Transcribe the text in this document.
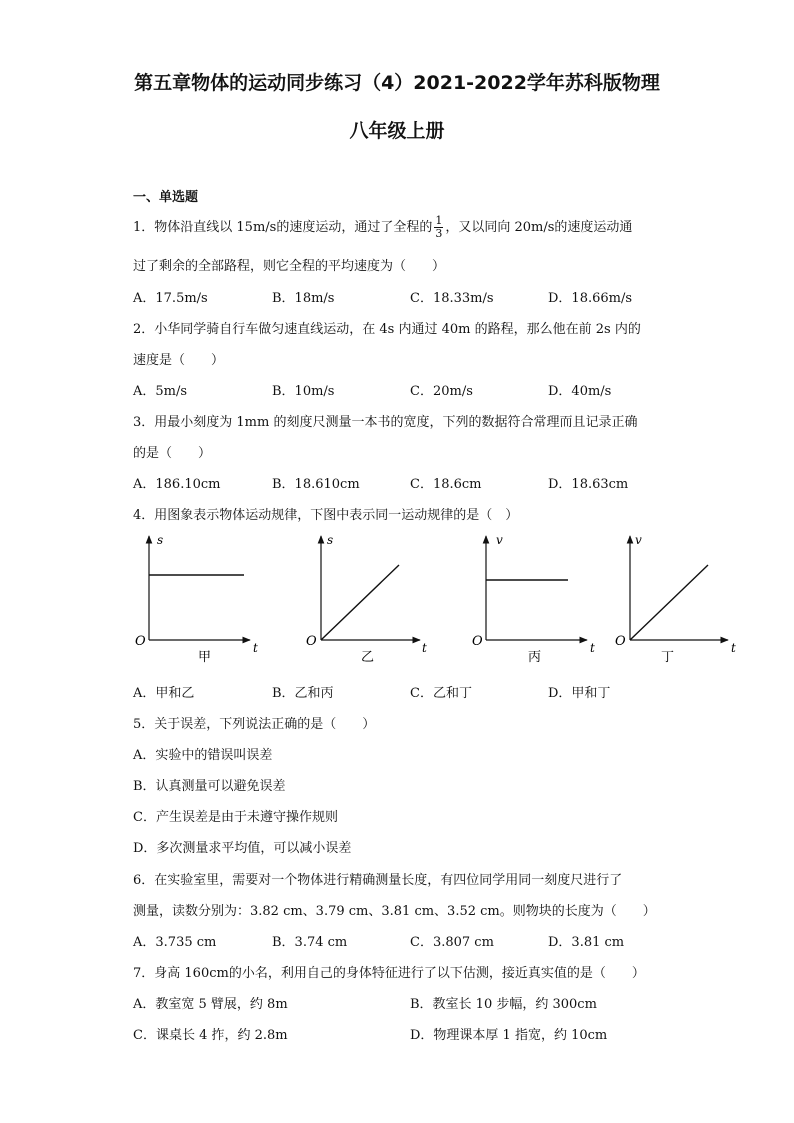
第五章物体的运动同步练习（4）2021-2022学年苏科版物理
八年级上册
一、单选题
1．物体沿直线以 15m/s的速度运动，通过了全程的 $\frac{1}{3}$ ，又以同向 20m/s的速度运动通
过了剩余的全部路程，则它全程的平均速度为（　　）
A．17.5m/s	B．18m/s	C．18.33m/s	D．18.66m/s
2．小华同学骑自行车做匀速直线运动，在 4s 内通过 40m 的路程，那么他在前 2s 内的
速度是（　　）
A．5m/s	B．10m/s	C．20m/s	D．40m/s
3．用最小刻度为 1mm 的刻度尺测量一本书的宽度，下列的数据符合常理而且记录正确
的是（　　）
A．186.10cm	B．18.610cm	C．18.6cm	D．18.63cm
4．用图象表示物体运动规律，下图中表示同一运动规律的是（　）
s
t
O
甲
s
t
O
乙
v
t
O
丙
v
t
O
丁
A．甲和乙	B．乙和丙	C．乙和丁	D．甲和丁
5．关于误差，下列说法正确的是（　　）
A．实验中的错误叫误差
B．认真测量可以避免误差
C．产生误差是由于未遵守操作规则
D．多次测量求平均值，可以减小误差
6．在实验室里，需要对一个物体进行精确测量长度，有四位同学用同一刻度尺进行了
测量，读数分别为：3.82 cm、3.79 cm、3.81 cm、3.52 cm。则物块的长度为（　　）
A．3.735 cm	B．3.74 cm	C．3.807 cm	D．3.81 cm
7．身高 160cm的小名，利用自己的身体特征进行了以下估测，接近真实值的是（　　）
A．教室宽 5 臂展，约 8m	B．教室长 10 步幅，约 300cm
C．课桌长 4 拃，约 2.8m	D．物理课本厚 1 指宽，约 10cm
